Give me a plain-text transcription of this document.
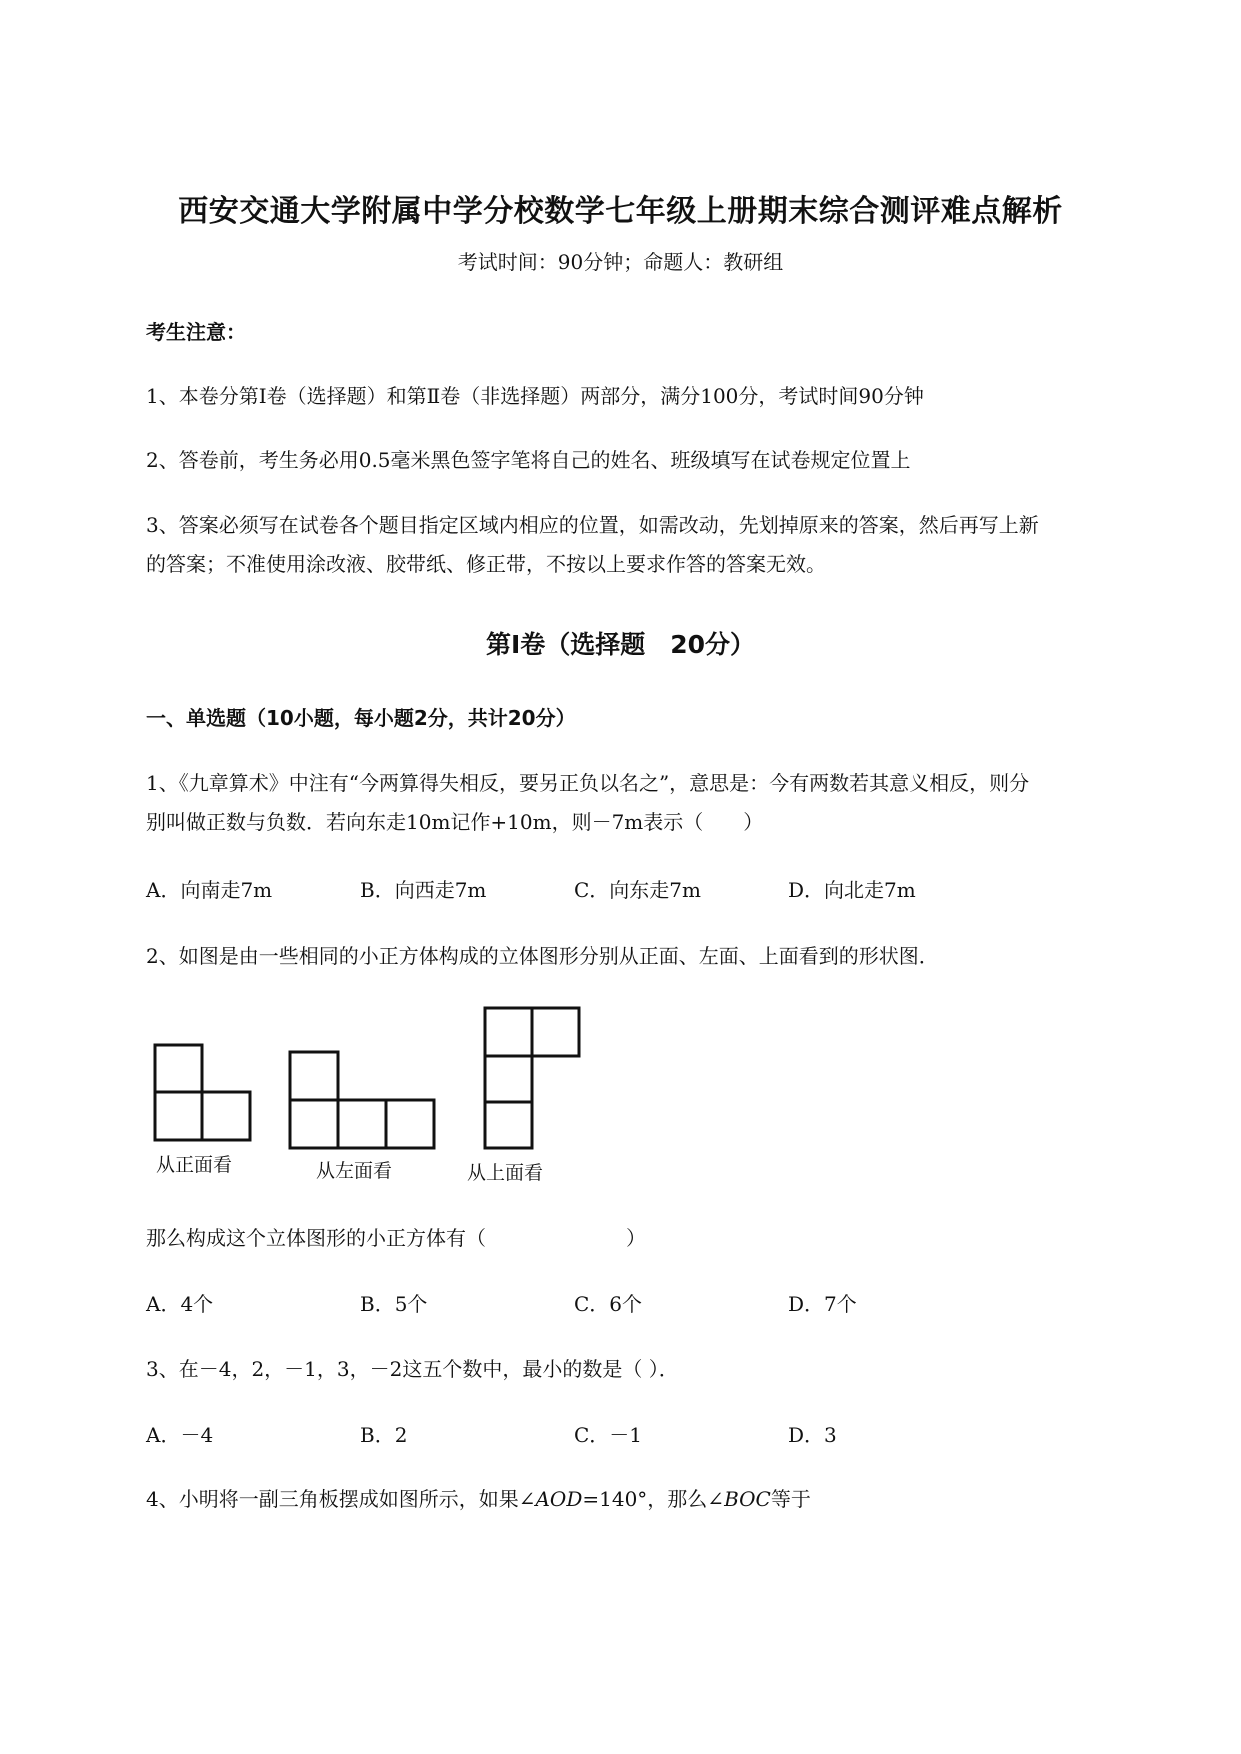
西安交通大学附属中学分校数学七年级上册期末综合测评难点解析
考试时间：90分钟；命题人：教研组
考生注意：
1、本卷分第Ⅰ卷（选择题）和第Ⅱ卷（非选择题）两部分，满分100分，考试时间90分钟
2、答卷前，考生务必用0.5毫米黑色签字笔将自己的姓名、班级填写在试卷规定位置上
3、答案必须写在试卷各个题目指定区域内相应的位置，如需改动，先划掉原来的答案，然后再写上新
的答案；不准使用涂改液、胶带纸、修正带，不按以上要求作答的答案无效。
第Ⅰ卷（选择题　20分）
一、单选题（10小题，每小题2分，共计20分）
1、《九章算术》中注有“今两算得失相反，要另正负以名之”，意思是：今有两数若其意义相反，则分
别叫做正数与负数．若向东走10m记作+10m，则－7m表示（　　）
A．向南走7m	B．向西走7m	C．向东走7m	D．向北走7m
2、如图是由一些相同的小正方体构成的立体图形分别从正面、左面、上面看到的形状图．
从正面看	从左面看	从上面看
那么构成这个立体图形的小正方体有（　　　　　　　）
A．4个	B．5个	C．6个	D．7个
3、在－4，2，－1，3，－2这五个数中，最小的数是（ ）．
A．－4	B．2	C．－1	D．3
4、小明将一副三角板摆成如图所示，如果∠AOD=140°，那么∠BOC等于
